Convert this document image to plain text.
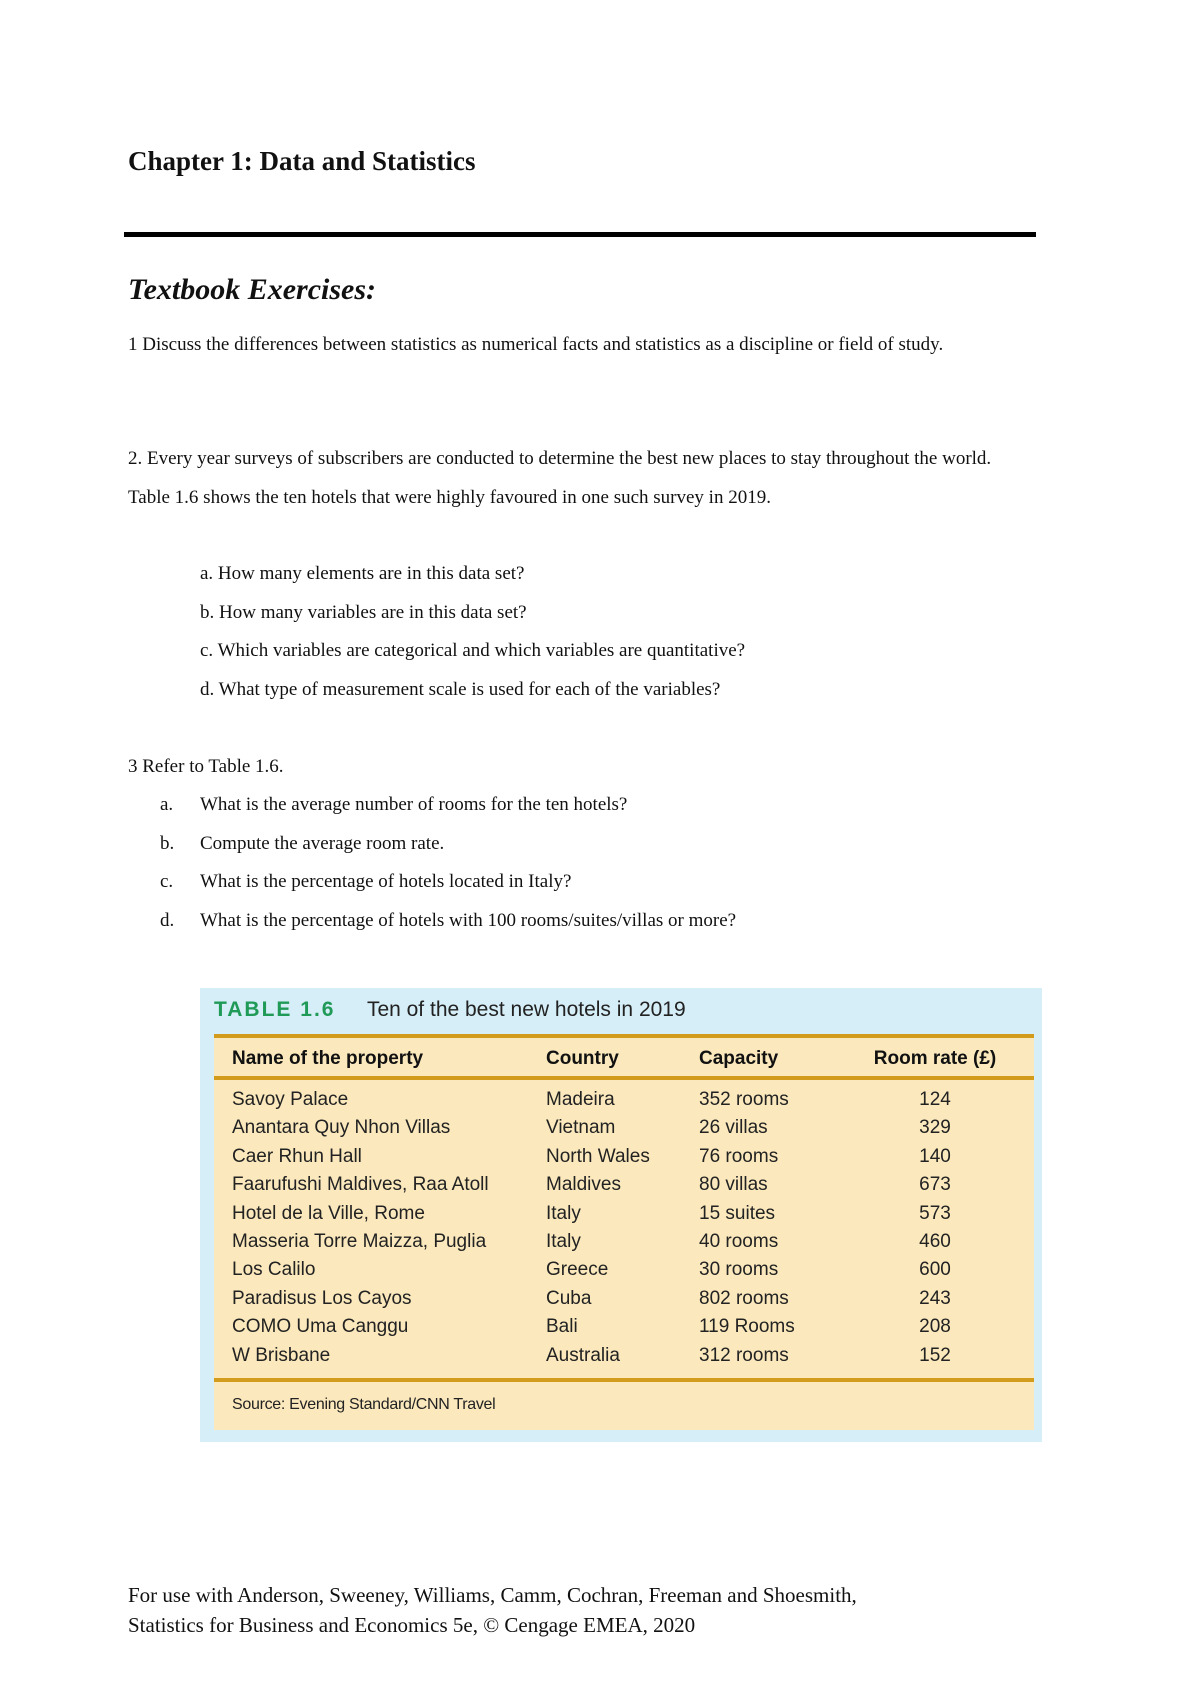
Chapter 1: Data and Statistics
Textbook Exercises:

1 Discuss the differences between statistics as numerical facts and statistics as a discipline or field of study.

2. Every year surveys of subscribers are conducted to determine the best new places to stay throughout the world. Table 1.6 shows the ten hotels that were highly favoured in one such survey in 2019.

a. How many elements are in this data set?
b. How many variables are in this data set?
c. Which variables are categorical and which variables are quantitative?
d. What type of measurement scale is used for each of the variables?

3 Refer to Table 1.6.

a.	What is the average number of rooms for the ten hotels?
b.	Compute the average room rate.
c.	What is the percentage of hotels located in Italy?
d.	What is the percentage of hotels with 100 rooms/suites/villas or more?
TABLE 1.6 Ten of the best new hotels in 2019
Name of the property	Country	Capacity	Room rate (£)
Savoy Palace	Madeira	352 rooms	124
Anantara Quy Nhon Villas	Vietnam	26 villas	329
Caer Rhun Hall	North Wales	76 rooms	140
Faarufushi Maldives, Raa Atoll	Maldives	80 villas	673
Hotel de la Ville, Rome	Italy	15 suites	573
Masseria Torre Maizza, Puglia	Italy	40 rooms	460
Los Calilo	Greece	30 rooms	600
Paradisus Los Cayos	Cuba	802 rooms	243
COMO Uma Canggu	Bali	119 Rooms	208
W Brisbane	Australia	312 rooms	152
Source: Evening Standard/CNN Travel
For use with Anderson, Sweeney, Williams, Camm, Cochran, Freeman and Shoesmith,
Statistics for Business and Economics 5e, © Cengage EMEA, 2020
